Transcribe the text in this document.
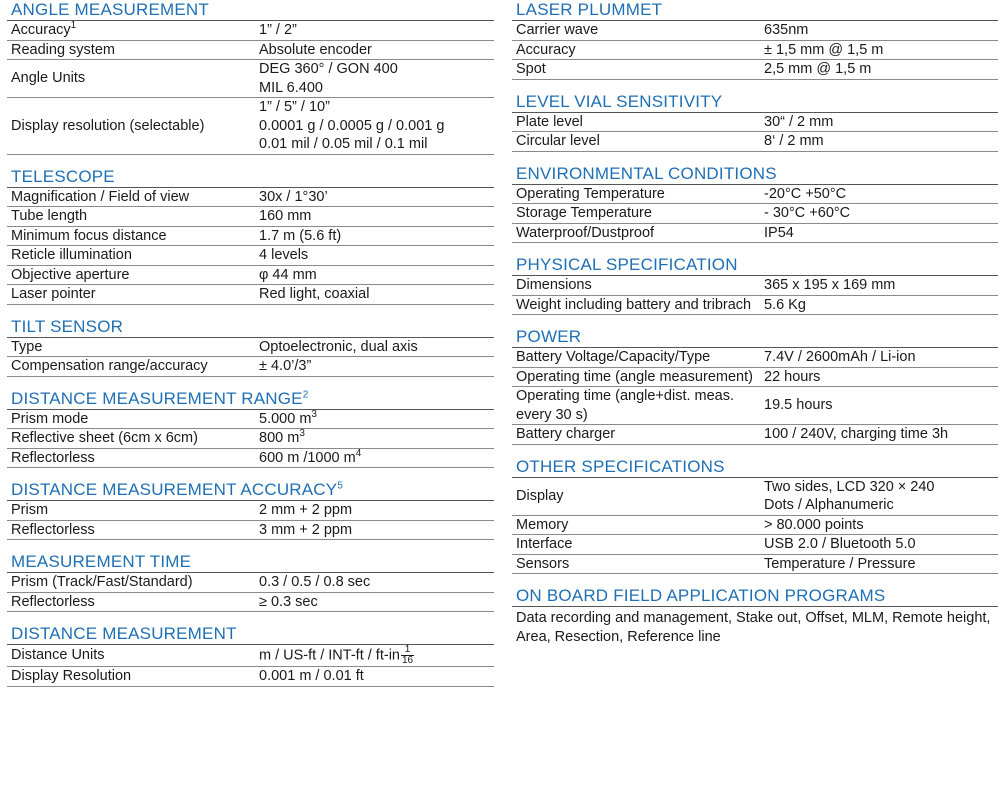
ANGLE MEASUREMENT
Accuracy$^1$	1” / 2”

Reading system	Absolute encoder

Angle Units	DEG 360° / GON 400
MIL 6.400

Display resolution (selectable)	1” / 5” / 10”
0.0001 g / 0.0005 g / 0.001 g
0.01 mil / 0.05 mil / 0.1 mil
TELESCOPE
Magnification / Field of view	30x / 1°30’

Tube length	160 mm

Minimum focus distance	1.7 m (5.6 ft)

Reticle illumination	4 levels

Objective aperture	φ 44 mm

Laser pointer	Red light, coaxial
TILT SENSOR
Type	Optoelectronic, dual axis

Compensation range/accuracy	± 4.0’/3”
DISTANCE MEASUREMENT RANGE$^2$
Prism mode	5.000 $m^3$

Reflective sheet (6cm x 6cm)	800 $m^3$

Reflectorless	600 m /1000 $m^4$
DISTANCE MEASUREMENT ACCURACY$^5$
Prism	2 mm + 2 ppm

Reflectorless	3 mm + 2 ppm
MEASUREMENT TIME
Prism (Track/Fast/Standard)	0.3 / 0.5 / 0.8 sec

Reflectorless	≥ 0.3 sec
DISTANCE MEASUREMENT
Distance Units	m / $US-ft / INT-ft / ft-in \frac{1}{16}$

Display Resolution	0.001 m / 0.01 ft
LASER PLUMMET
Carrier wave	635nm

Accuracy	± 1,5 mm @ 1,5 m

Spot	2,5 mm @ 1,5 m
LEVEL VIAL SENSITIVITY
Plate level	30“ / 2 mm

Circular level	8‘ / 2 mm
ENVIRONMENTAL CONDITIONS
Operating Temperature	-20°C +50°C

Storage Temperature	- 30°C +60°C

Waterproof/Dustproof	IP54
PHYSICAL SPECIFICATION
Dimensions	365 x 195 x 169 mm

Weight including battery and tribrach	5.6 Kg
POWER
Battery Voltage/Capacity/Type	7.4V / 2600mAh / Li-ion

Operating time (angle measurement)	22 hours

Operating time (angle+dist. meas. every 30 s)	19.5 hours

Battery charger	100 / 240V, charging time 3h
OTHER SPECIFICATIONS
Display	Two sides, LCD 320 × 240
Dots / Alphanumeric

Memory	> 80.000 points

Interface	USB 2.0 / Bluetooth 5.0

Sensors	Temperature / Pressure
ON BOARD FIELD APPLICATION PROGRAMS
Data recording and management, Stake out, Offset, MLM, Remote height, Area, Resection, Reference line
